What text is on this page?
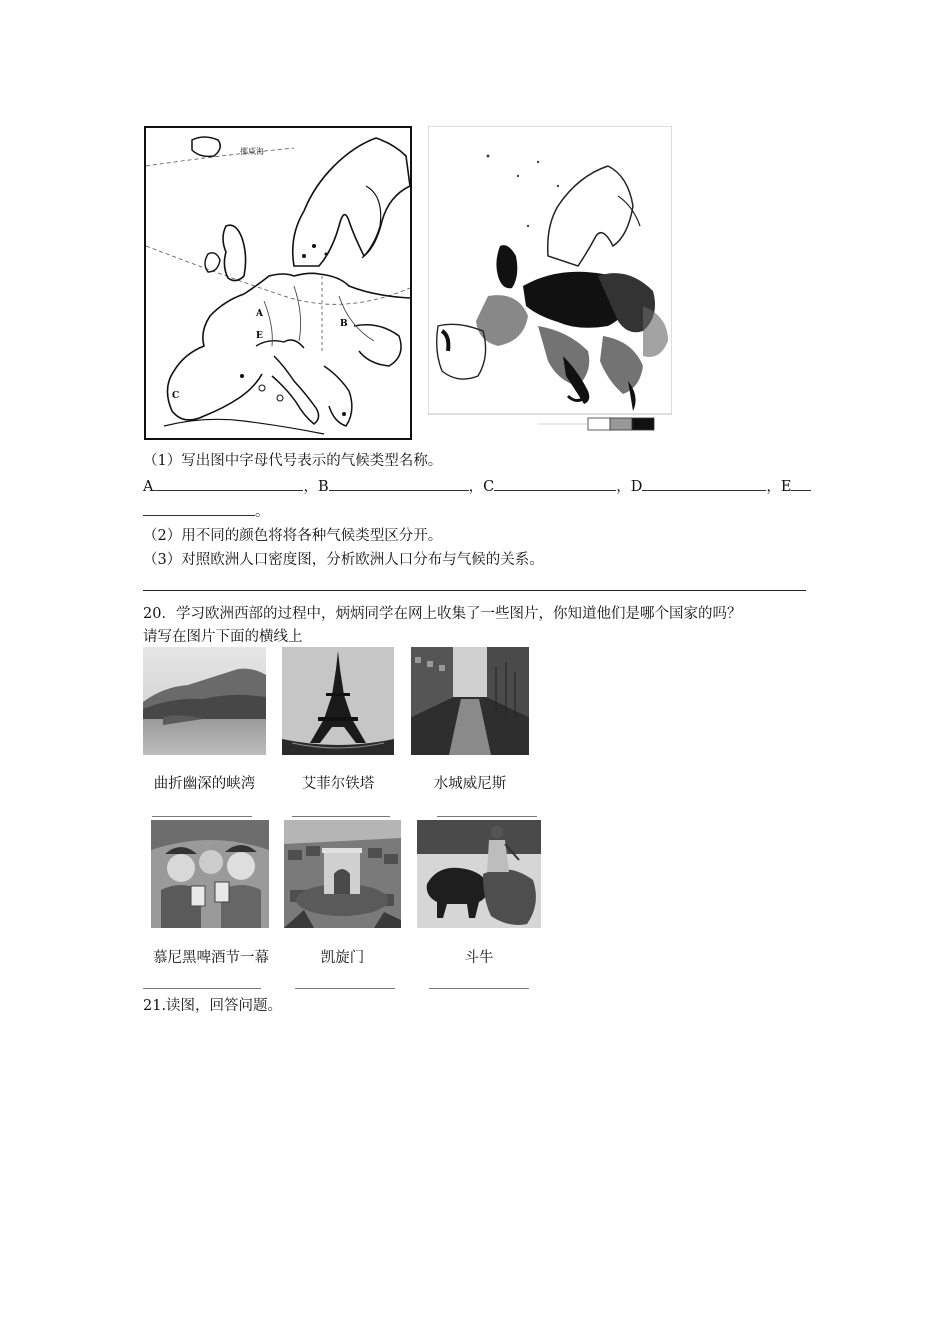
挪威海
A
B
C
E
（1）写出图中字母代号表示的气候类型名称。
A	，B	，C	，D	，E
。
（2）用不同的颜色将将各种气候类型区分开。
（3）对照欧洲人口密度图，分析欧洲人口分布与气候的关系。
20．学习欧洲西部的过程中，炳炳同学在网上收集了一些图片，你知道他们是哪个国家的吗？
请写在图片下面的横线上
曲折幽深的峡湾	艾菲尔铁塔	水城威尼斯
慕尼黑啤酒节一幕	凯旋门	斗牛
21.读图，回答问题。
